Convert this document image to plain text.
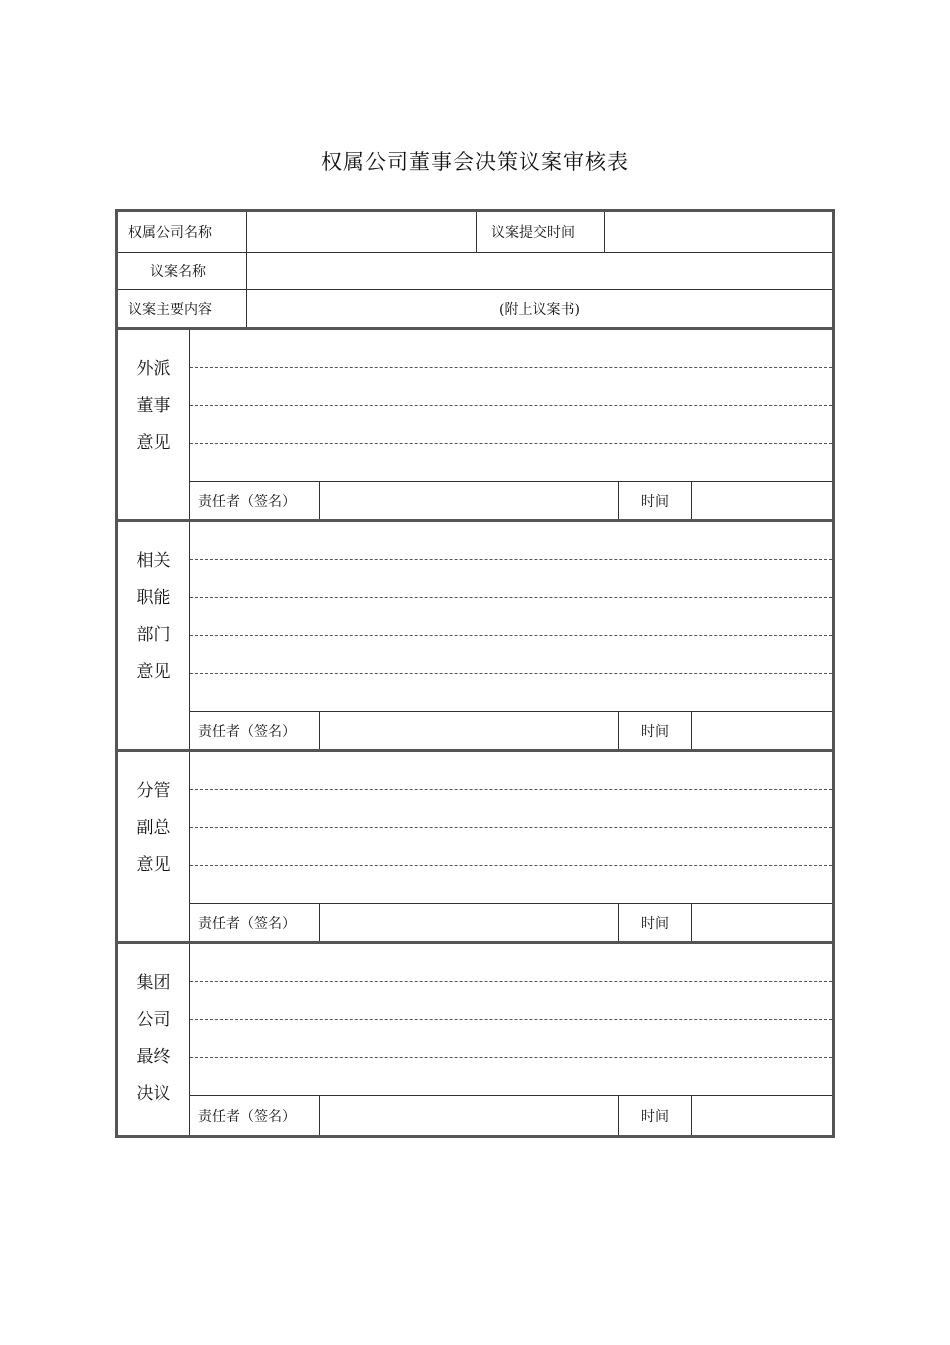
权属公司董事会决策议案审核表
权属公司名称	议案提交时间
议案名称
议案主要内容	(附上议案书)
外派
董事
意见
责任者（签名）	时间
相关
职能
部门
意见
责任者（签名）	时间
分管
副总
意见
责任者（签名）	时间
集团
公司
最终
决议
责任者（签名）	时间
